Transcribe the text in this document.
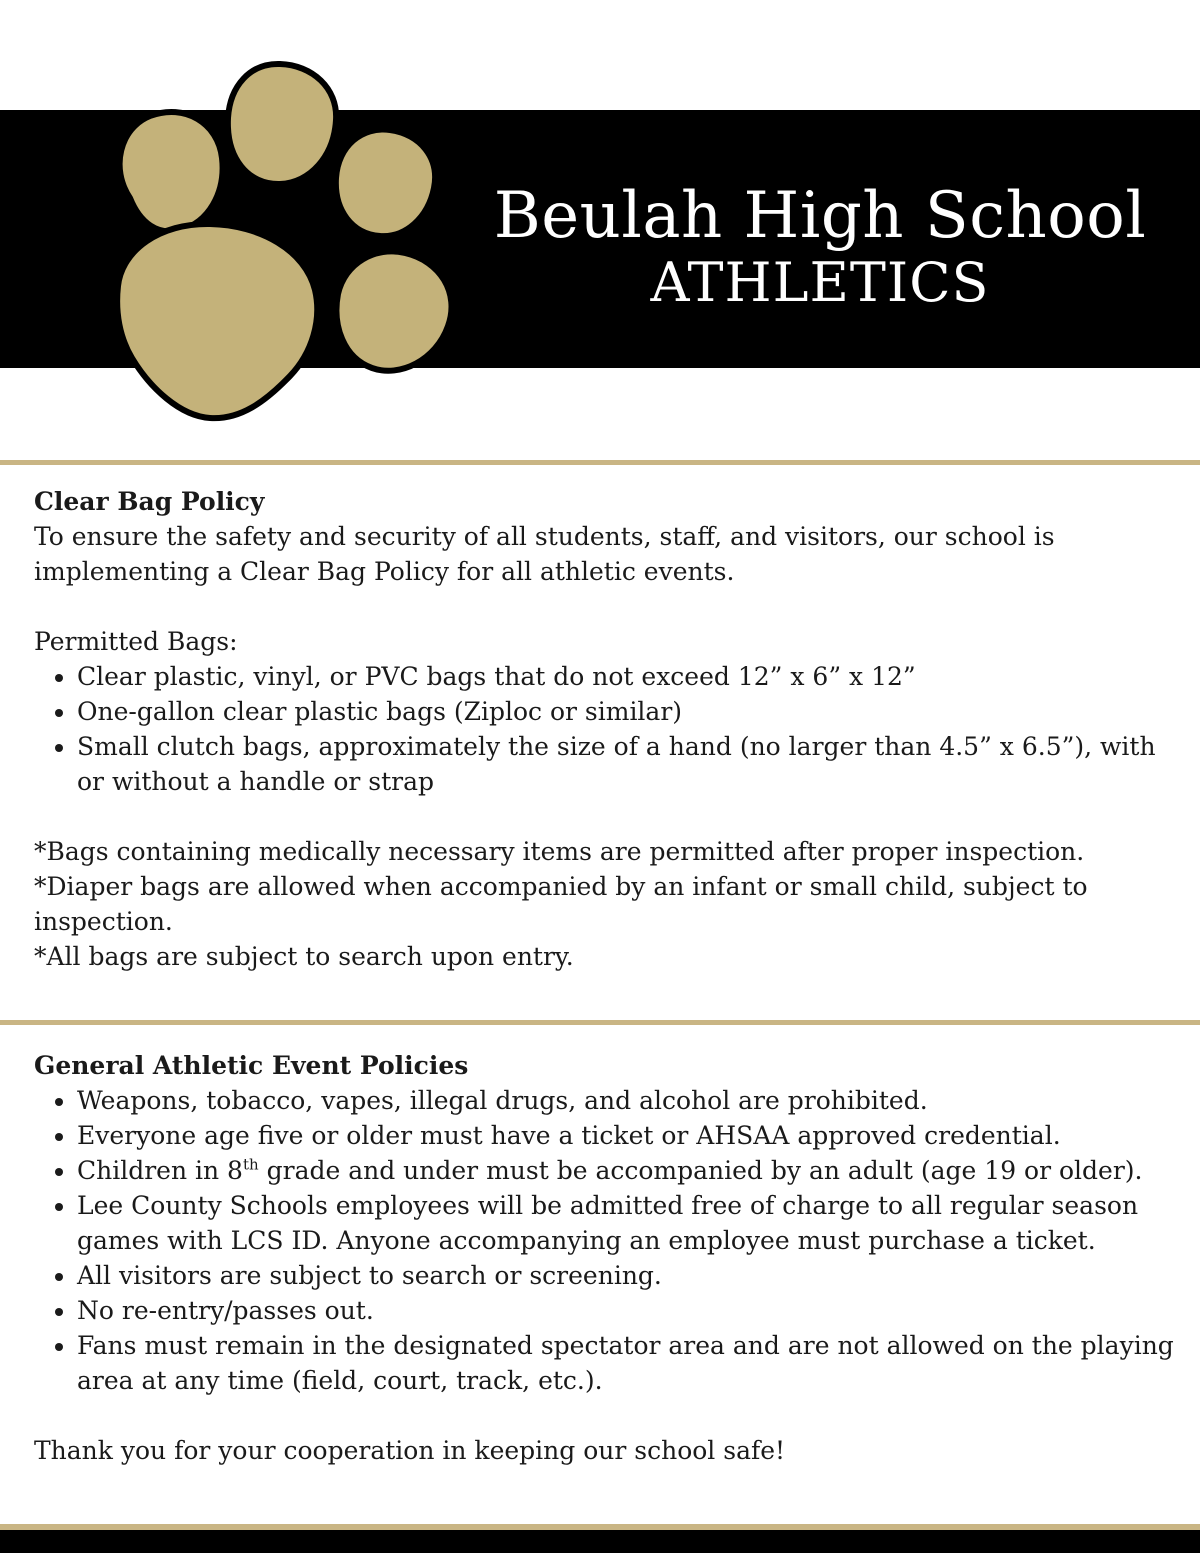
Beulah High School
ATHLETICS
Clear Bag Policy
To ensure the safety and security of all students, staff, and visitors, our school is
implementing a Clear Bag Policy for all athletic events.
Permitted Bags:
• Clear plastic, vinyl, or PVC bags that do not exceed 12” x 6” x 12”
• One-gallon clear plastic bags (Ziploc or similar)
• Small clutch bags, approximately the size of a hand (no larger than 4.5” x 6.5”), with or without a handle or strap
*Bags containing medically necessary items are permitted after proper inspection.
*Diaper bags are allowed when accompanied by an infant or small child, subject to inspection.
*All bags are subject to search upon entry.
General Athletic Event Policies
• Weapons, tobacco, vapes, illegal drugs, and alcohol are prohibited.
• Everyone age five or older must have a ticket or AHSAA approved credential.
• Children in 8th grade and under must be accompanied by an adult (age 19 or older).
• Lee County Schools employees will be admitted free of charge to all regular season games with LCS ID. Anyone accompanying an employee must purchase a ticket.
• All visitors are subject to search or screening.
• No re-entry/passes out.
• Fans must remain in the designated spectator area and are not allowed on the playing area at any time (field, court, track, etc.).
Thank you for your cooperation in keeping our school safe!
